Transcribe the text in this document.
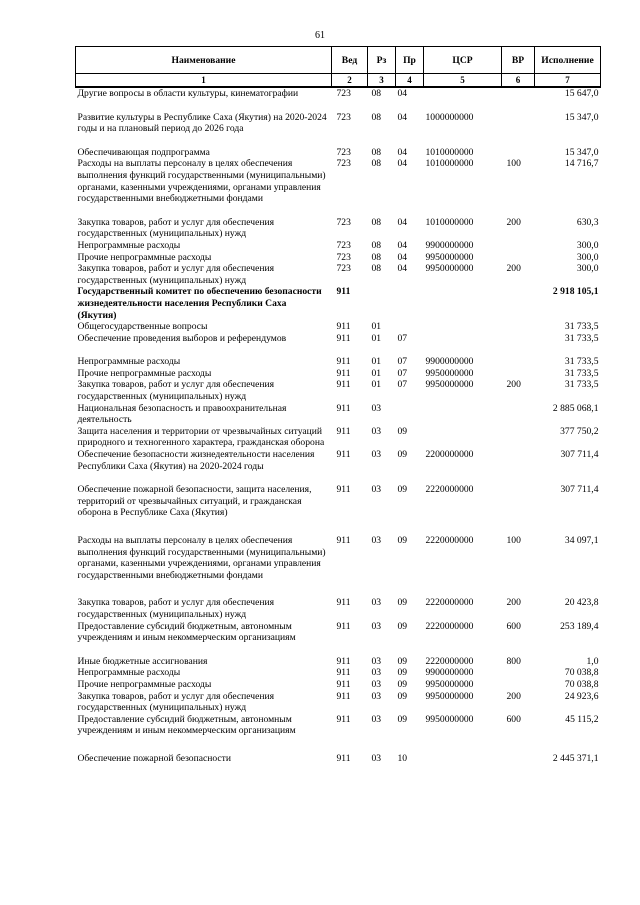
61
Наименование	Вед	Рз	Пр	ЦСР	ВР	Исполнение
1	2	3	4	5	6	7
Другие вопросы в области культуры, кинематографии	723	08	04			15 647,0
Развитие культуры в Республике Саха (Якутия) на 2020-2024 годы и на плановый период до 2026 года	723	08	04	1000000000		15 347,0
Обеспечивающая подпрограмма	723	08	04	1010000000		15 347,0
Расходы на выплаты персоналу в целях обеспечения выполнения функций государственными (муниципальными) органами, казенными учреждениями, органами управления государственными внебюджетными фондами	723	08	04	1010000000	100	14 716,7
Закупка товаров, работ и услуг для обеспечения государственных (муниципальных) нужд	723	08	04	1010000000	200	630,3
Непрограммные расходы	723	08	04	9900000000		300,0
Прочие непрограммные расходы	723	08	04	9950000000		300,0
Закупка товаров, работ и услуг для обеспечения государственных (муниципальных) нужд	723	08	04	9950000000	200	300,0
Государственный комитет по обеспечению безопасности жизнедеятельности населения Республики Саха (Якутия)	911					2 918 105,1
Общегосударственные вопросы	911	01				31 733,5
Обеспечение проведения выборов и референдумов	911	01	07			31 733,5
Непрограммные расходы	911	01	07	9900000000		31 733,5
Прочие непрограммные расходы	911	01	07	9950000000		31 733,5
Закупка товаров, работ и услуг для обеспечения государственных (муниципальных) нужд	911	01	07	9950000000	200	31 733,5
Национальная безопасность и правоохранительная деятельность	911	03				2 885 068,1
Защита населения и территории от чрезвычайных ситуаций природного и техногенного характера, гражданская оборона	911	03	09			377 750,2
Обеспечение безопасности жизнедеятельности населения Республики Саха (Якутия) на 2020-2024 годы	911	03	09	2200000000		307 711,4
Обеспечение пожарной безопасности, защита населения, территорий от чрезвычайных ситуаций, и гражданская оборона в Республике Саха (Якутия)	911	03	09	2220000000		307 711,4
Расходы на выплаты персоналу в целях обеспечения выполнения функций государственными (муниципальными) органами, казенными учреждениями, органами управления государственными внебюджетными фондами	911	03	09	2220000000	100	34 097,1
Закупка товаров, работ и услуг для обеспечения государственных (муниципальных) нужд	911	03	09	2220000000	200	20 423,8
Предоставление субсидий бюджетным, автономным учреждениям и иным некоммерческим организациям	911	03	09	2220000000	600	253 189,4
Иные бюджетные ассигнования	911	03	09	2220000000	800	1,0
Непрограммные расходы	911	03	09	9900000000		70 038,8
Прочие непрограммные расходы	911	03	09	9950000000		70 038,8
Закупка товаров, работ и услуг для обеспечения государственных (муниципальных) нужд	911	03	09	9950000000	200	24 923,6
Предоставление субсидий бюджетным, автономным учреждениям и иным некоммерческим организациям	911	03	09	9950000000	600	45 115,2
Обеспечение пожарной безопасности	911	03	10			2 445 371,1
